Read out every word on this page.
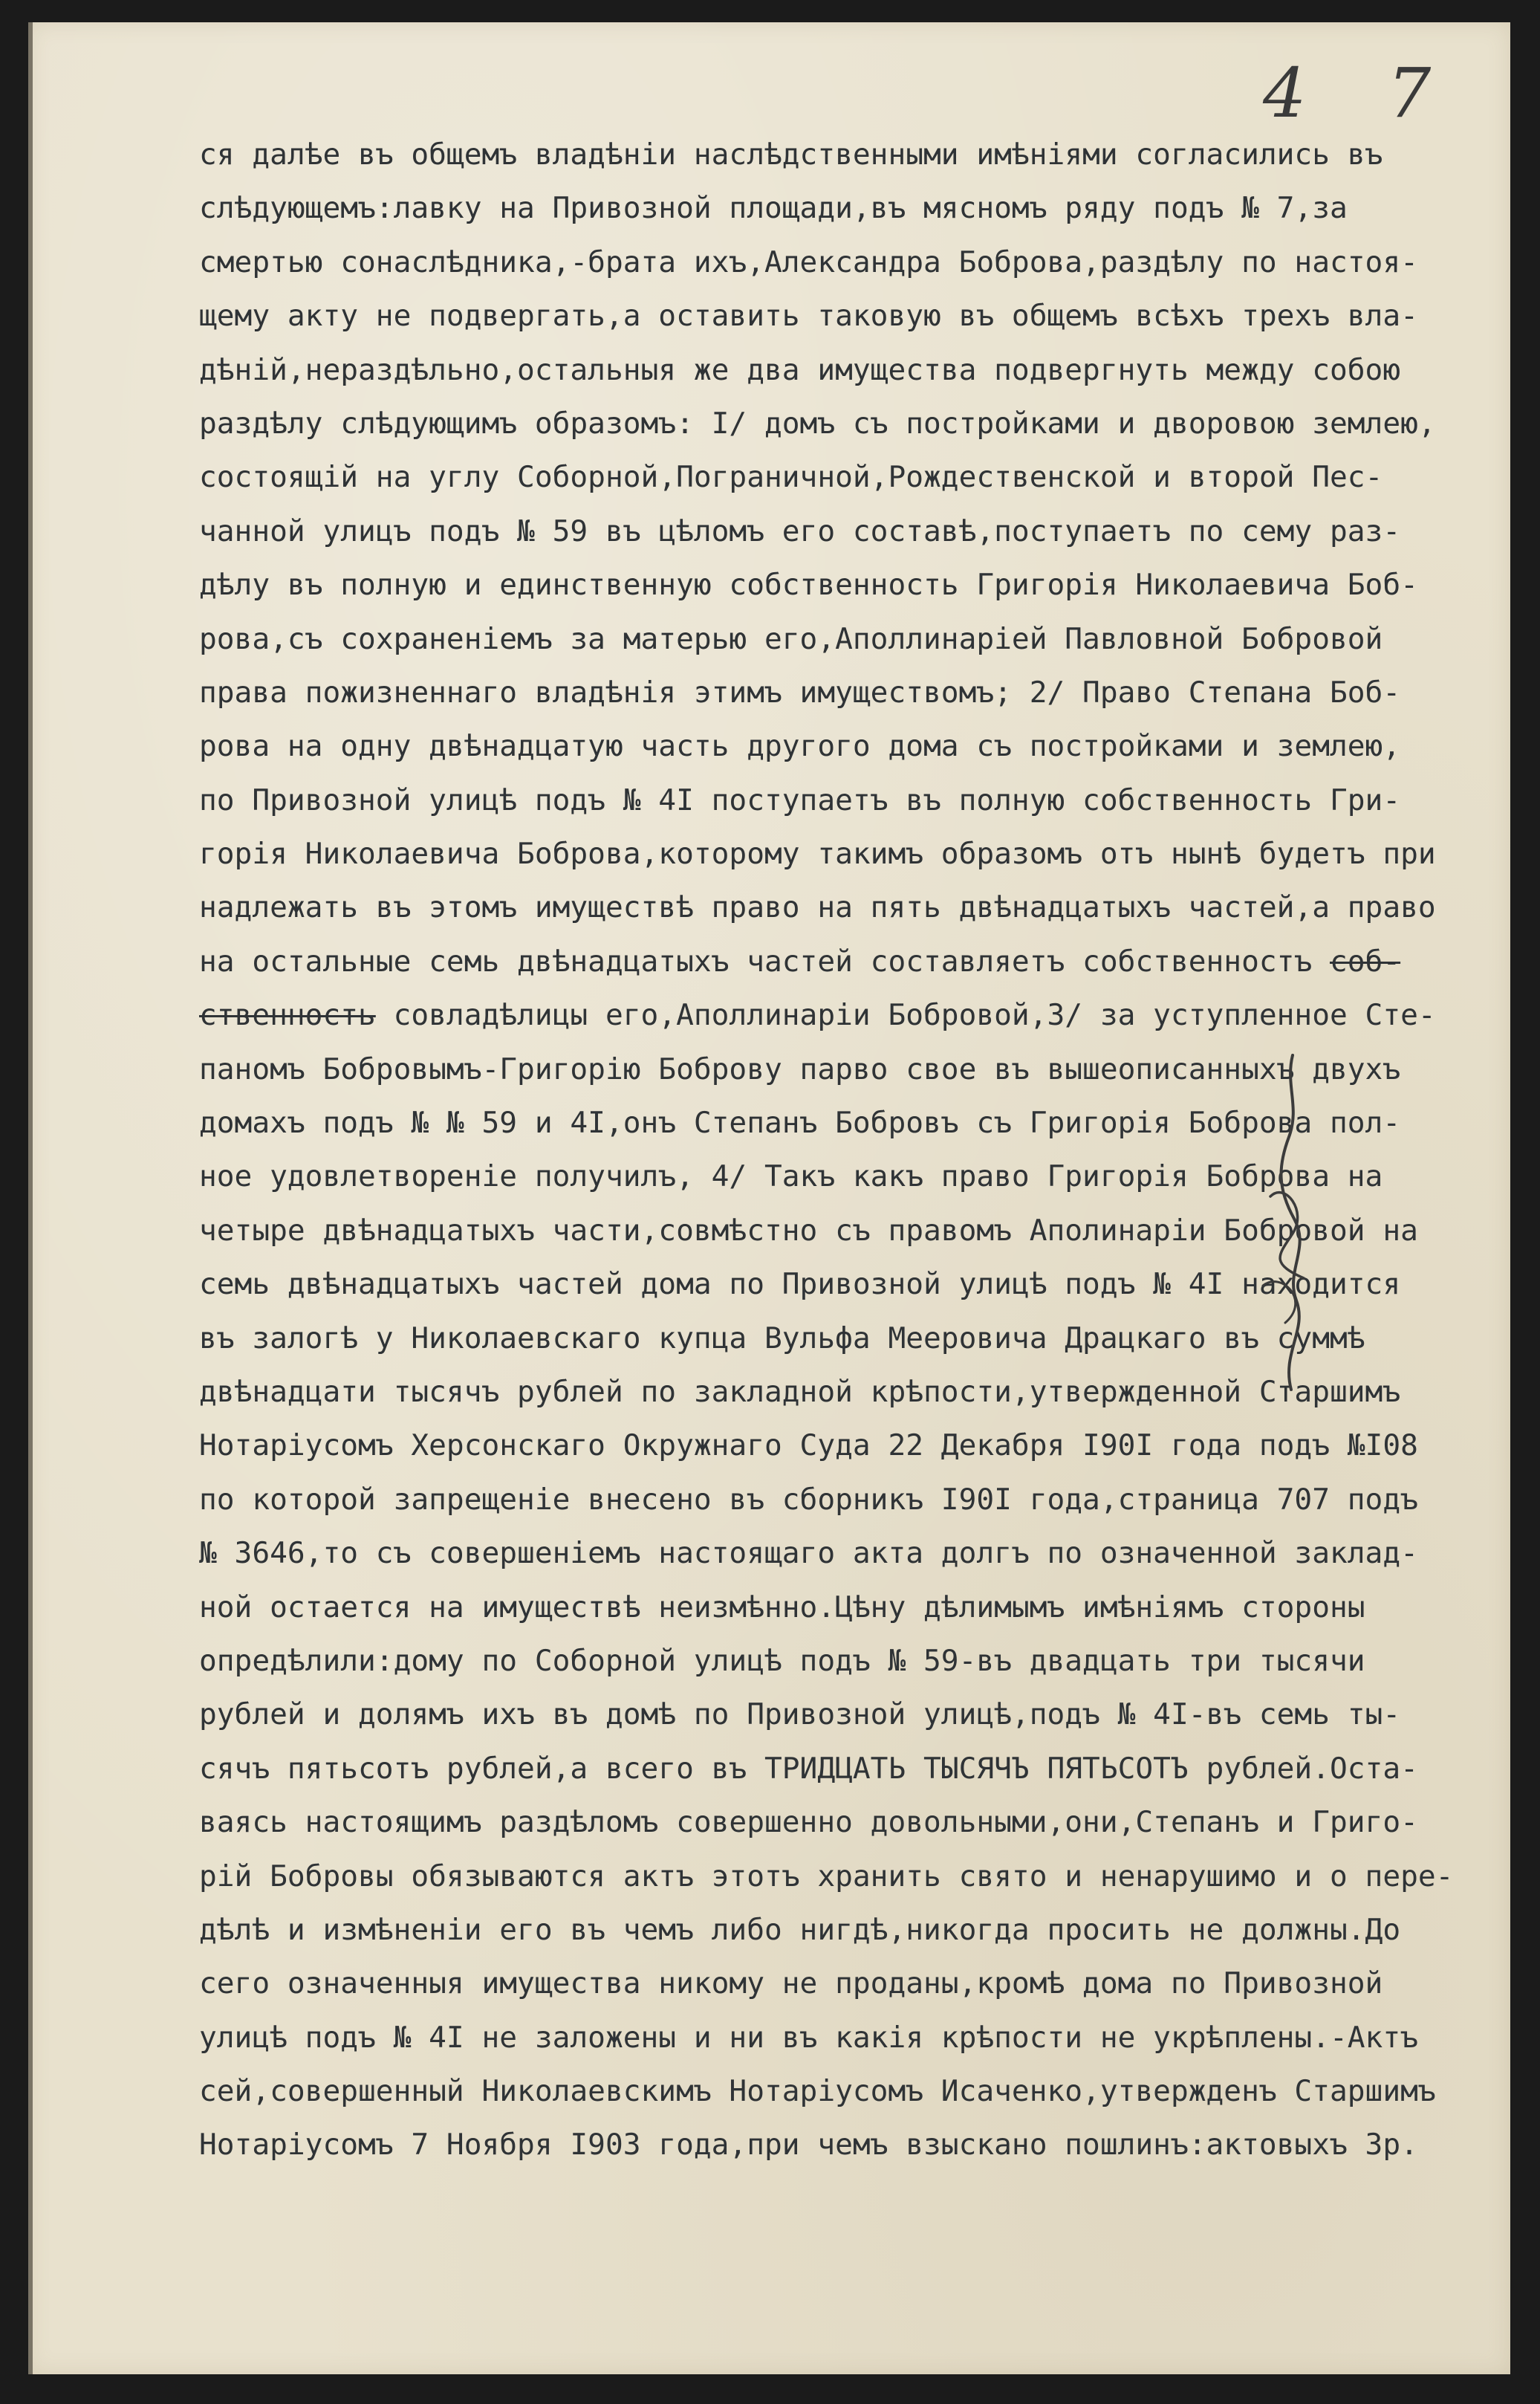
4 7
ся далѣе въ общемъ владѣніи наслѣдственными имѣніями согласились въ
слѣдующемъ:лавку на Привозной площади,въ мясномъ ряду подъ № 7,за
смертью сонаслѣдника,-брата ихъ,Александра Боброва,раздѣлу по настоя-
щему акту не подвергать,а оставить таковую въ общемъ всѣхъ трехъ вла-
дѣній,нераздѣльно,остальныя же два имущества подвергнуть между собою
раздѣлу слѣдующимъ образомъ: I/ домъ съ постройками и дворовою землею,
состоящій на углу Соборной,Пограничной,Рождественской и второй Пес-
чанной улицъ подъ № 59 въ цѣломъ его составѣ,поступаетъ по сему раз-
дѣлу въ полную и единственную собственность Григорія Николаевича Боб-
рова,съ сохраненіемъ за матерью его,Аполлинаріей Павловной Бобровой
права пожизненнаго владѣнія этимъ имуществомъ; 2/ Право Степана Боб-
рова на одну двѣнадцатую часть другого дома съ постройками и землею,
по Привозной улицѣ подъ № 4I поступаетъ въ полную собственность Гри-
горія Николаевича Боброва,которому такимъ образомъ отъ нынѣ будетъ при
надлежать въ этомъ имуществѣ право на пять двѣнадцатыхъ частей,а право
на остальные семь двѣнадцатыхъ частей составляетъ собственностъ соб-
ственность совладѣлицы его,Аполлинаріи Бобровой,3/ за уступленное Сте-
паномъ Бобровымъ-Григорію Боброву парво свое въ вышеописанныхъ двухъ
домахъ подъ № № 59 и 4I,онъ Степанъ Бобровъ съ Григорія Боброва пол-
ное удовлетвореніе получилъ, 4/ Такъ какъ право Григорія Боброва на
четыре двѣнадцатыхъ части,совмѣстно съ правомъ Аполинаріи Бобровой на
семь двѣнадцатыхъ частей дома по Привозной улицѣ подъ № 4I находится
въ залогѣ у Николаевскаго купца Вульфа Мееровича Драцкаго въ суммѣ
двѣнадцати тысячъ рублей по закладной крѣпости,утвержденной Старшимъ
Нотаріусомъ Херсонскаго Окружнаго Суда 22 Декабря I90I года подъ №I08
по которой запрещеніе внесено въ сборникъ I90I года,страница 707 подъ
№ 3646,то съ совершеніемъ настоящаго акта долгъ по означенной заклад-
ной остается на имуществѣ неизмѣнно.Цѣну дѣлимымъ имѣніямъ стороны
опредѣлили:дому по Соборной улицѣ подъ № 59-въ двадцать три тысячи
рублей и долямъ ихъ въ домѣ по Привозной улицѣ,подъ № 4I-въ семь ты-
сячъ пятьсотъ рублей,а всего въ ТРИДЦАТЬ ТЫСЯЧЪ ПЯТЬСОТЪ рублей.Оста-
ваясь настоящимъ раздѣломъ совершенно довольными,они,Степанъ и Григо-
рій Бобровы обязываются актъ этотъ хранить свято и ненарушимо и о пере-
дѣлѣ и измѣненіи его въ чемъ либо нигдѣ,никогда просить не должны.До
сего означенныя имущества никому не проданы,кромѣ дома по Привозной
улицѣ подъ № 4I не заложены и ни въ какія крѣпости не укрѣплены.-Актъ
сей,совершенный Николаевскимъ Нотаріусомъ Исаченко,утвержденъ Старшимъ
Нотаріусомъ 7 Ноября I903 года,при чемъ взыскано пошлинъ:актовыхъ 3р.
